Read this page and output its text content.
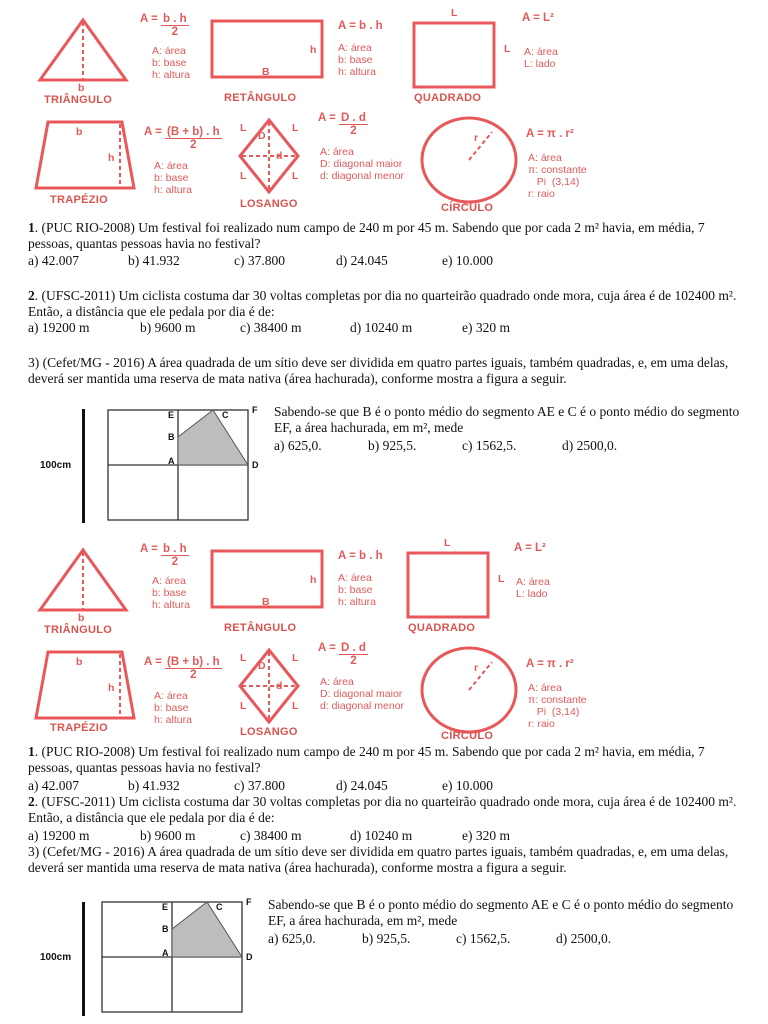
b
TRIÂNGULO
$A = \frac{b . h}{2}$
A: área
b: base
h: altura
h
B
RETÂNGULO
A = b . h
A: área
b: base
h: altura
L
L
QUADRADO
A = L²
A: área
L: lado
b
h
TRAPÉZIO
$A = \frac{(B + b) . h}{2}$
A: área
b: base
h: altura
L	L
L	L
D
d
LOSANGO
$A = \frac{D . d}{2}$
A: área
D: diagonal maior
d: diagonal menor
r
CÍRCULO
A = π . r²
A: área
π: constante
Pi  (3,14)
r: raio
1. (PUC RIO-2008) Um festival foi realizado num campo de 240 m por 45 m. Sabendo que por cada 2 m² havia, em média, 7 pessoas, quantas pessoas havia no festival?
a) 42.007	b) 41.932	c) 37.800	d) 24.045	e) 10.000
2. (UFSC-2011) Um ciclista costuma dar 30 voltas completas por dia no quarteirão quadrado onde mora, cuja área é de 102400 m². Então, a distância que ele pedala por dia é de:
a) 19200 m	b) 9600 m	c) 38400 m	d) 10240 m	e) 320 m
3) (Cefet/MG - 2016) A área quadrada de um sítio deve ser dividida em quatro partes iguais, também quadradas, e, em uma delas, deverá ser mantida uma reserva de mata nativa (área hachurada), conforme mostra a figura a seguir.
100cm
E	C	F
B
A	D
Sabendo-se que B é o ponto médio do segmento AE e C é o ponto médio do segmento EF, a área hachurada, em m², mede
a) 625,0.	b) 925,5.	c) 1562,5.	d) 2500,0.
b
TRIÂNGULO
$A = \frac{b . h}{2}$
A: área
b: base
h: altura
h
B
RETÂNGULO
A = b . h
A: área
b: base
h: altura
L
L
QUADRADO
A = L²
A: área
L: lado
b
h
TRAPÉZIO
$A = \frac{(B + b) . h}{2}$
A: área
b: base
h: altura
L	L
L	L
D
d
LOSANGO
$A = \frac{D . d}{2}$
A: área
D: diagonal maior
d: diagonal menor
r
CÍRCULO
A = π . r²
A: área
π: constante
Pi  (3,14)
r: raio
1. (PUC RIO-2008) Um festival foi realizado num campo de 240 m por 45 m. Sabendo que por cada 2 m² havia, em média, 7 pessoas, quantas pessoas havia no festival?
a) 42.007	b) 41.932	c) 37.800	d) 24.045	e) 10.000
2. (UFSC-2011) Um ciclista costuma dar 30 voltas completas por dia no quarteirão quadrado onde mora, cuja área é de 102400 m². Então, a distância que ele pedala por dia é de:
a) 19200 m	b) 9600 m	c) 38400 m	d) 10240 m	e) 320 m
3) (Cefet/MG - 2016) A área quadrada de um sítio deve ser dividida em quatro partes iguais, também quadradas, e, em uma delas, deverá ser mantida uma reserva de mata nativa (área hachurada), conforme mostra a figura a seguir.
100cm
E	C	F
B
A	D
Sabendo-se que B é o ponto médio do segmento AE e C é o ponto médio do segmento EF, a área hachurada, em m², mede
a) 625,0.	b) 925,5.	c) 1562,5.	d) 2500,0.
